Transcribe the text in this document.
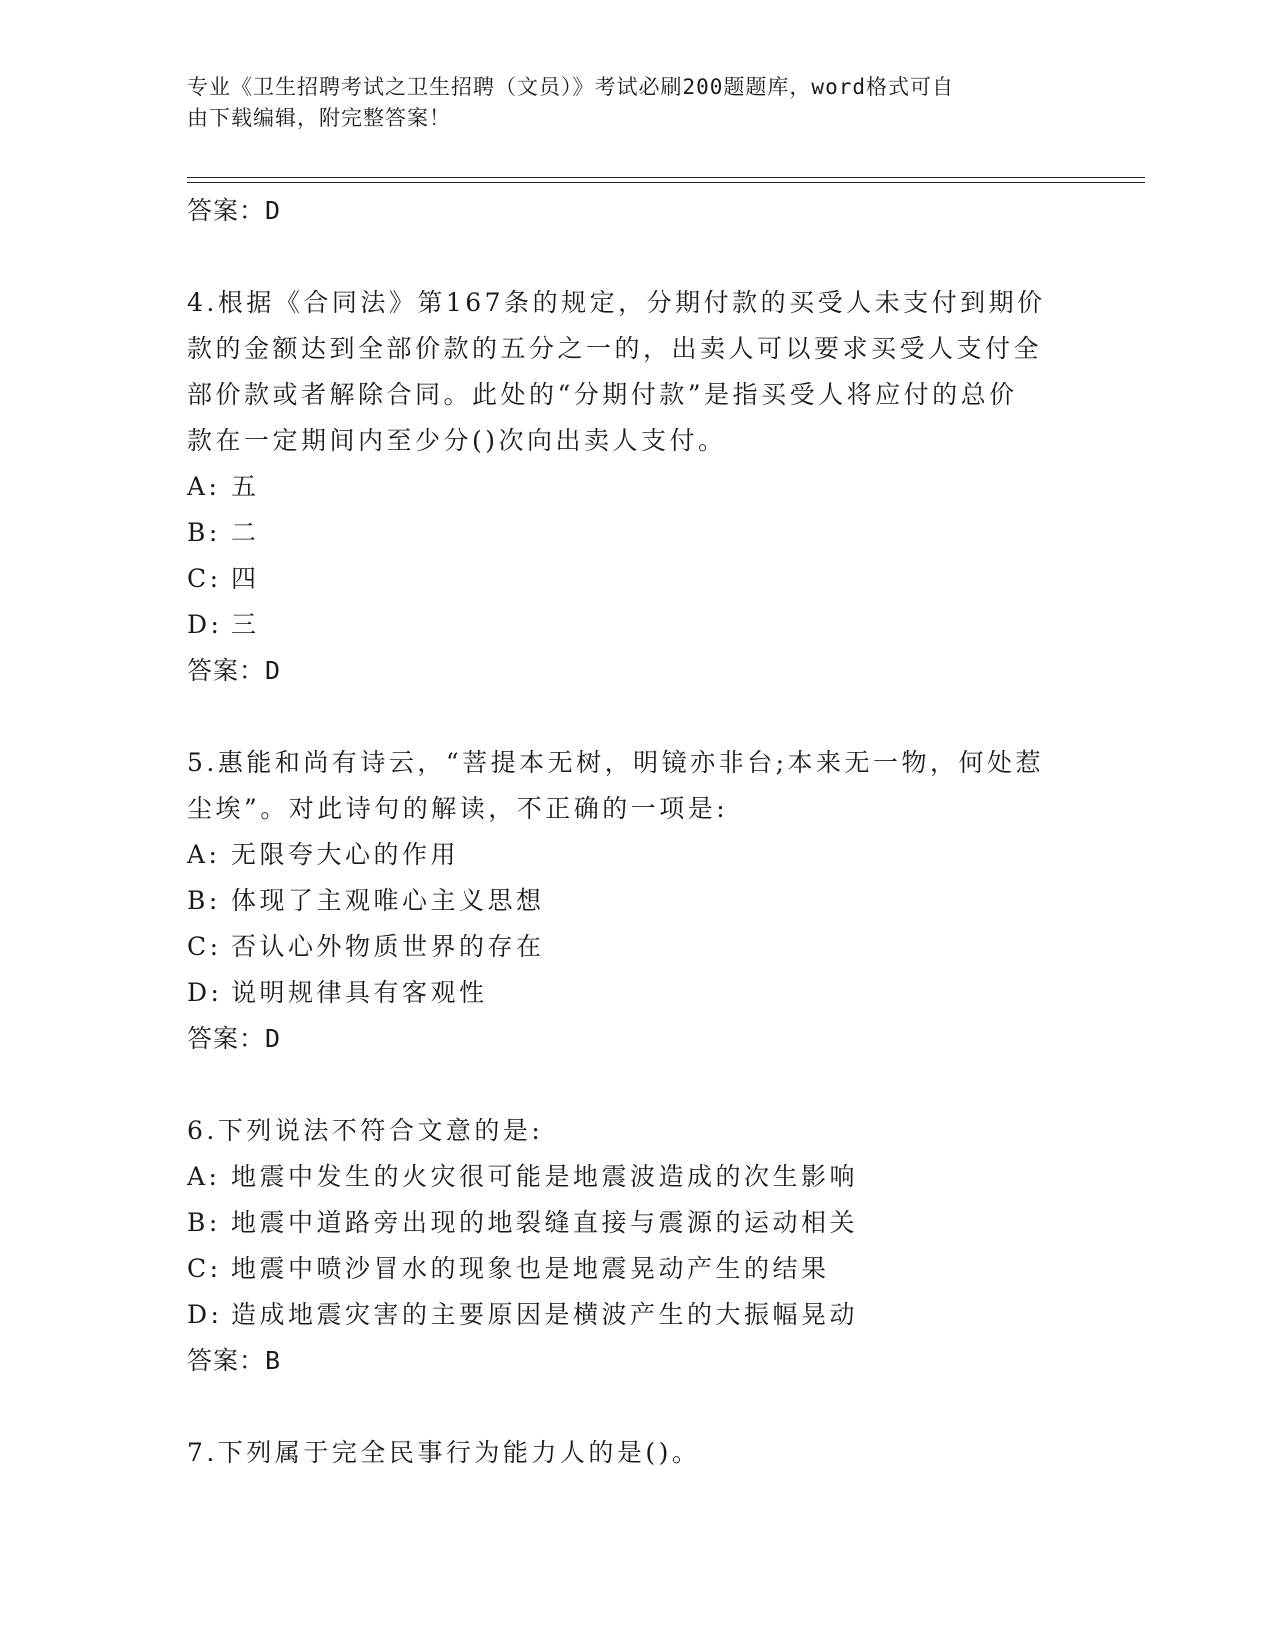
专业《卫生招聘考试之卫生招聘（文员）》考试必刷200题题库，word格式可自
由下载编辑，附完整答案！
答案：D
4.根据《合同法》第167条的规定，分期付款的买受人未支付到期价
款的金额达到全部价款的五分之一的，出卖人可以要求买受人支付全
部价款或者解除合同。此处的“分期付款”是指买受人将应付的总价
款在一定期间内至少分()次向出卖人支付。
A: 五
B: 二
C: 四
D: 三
答案：D
5.惠能和尚有诗云，“菩提本无树，明镜亦非台;本来无一物，何处惹
尘埃”。对此诗句的解读，不正确的一项是:
A: 无限夸大心的作用
B: 体现了主观唯心主义思想
C: 否认心外物质世界的存在
D: 说明规律具有客观性
答案：D
6.下列说法不符合文意的是:
A: 地震中发生的火灾很可能是地震波造成的次生影响
B: 地震中道路旁出现的地裂缝直接与震源的运动相关
C: 地震中喷沙冒水的现象也是地震晃动产生的结果
D: 造成地震灾害的主要原因是横波产生的大振幅晃动
答案：B
7.下列属于完全民事行为能力人的是()。
